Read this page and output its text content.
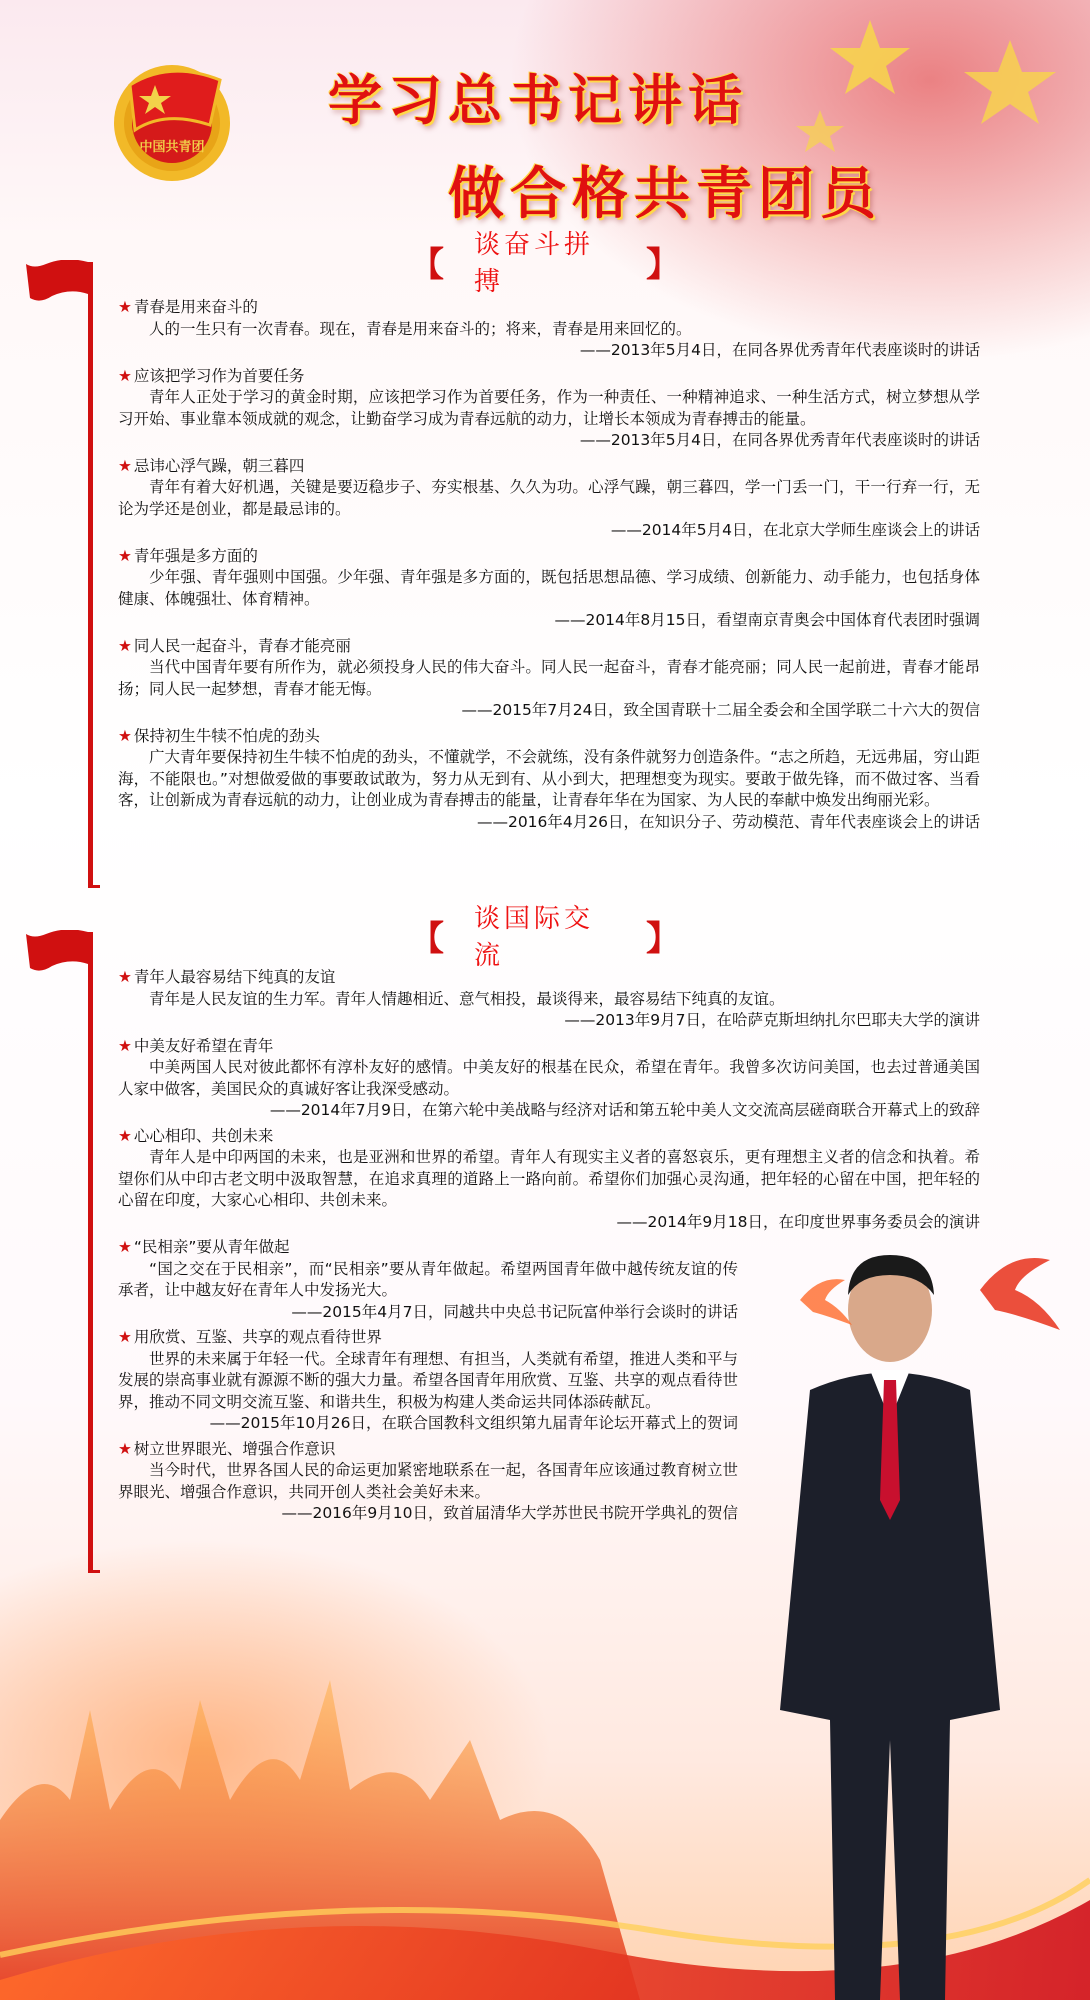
中国共青团
学习总书记讲话
做合格共青团员
【 谈奋斗拼搏	】
★ 青春是用来奋斗的
人的一生只有一次青春。现在，青春是用来奋斗的；将来，青春是用来回忆的。
——2013年5月4日，在同各界优秀青年代表座谈时的讲话
★ 应该把学习作为首要任务
青年人正处于学习的黄金时期，应该把学习作为首要任务，作为一种责任、一种精神追求、一种生活方式，树立梦想从学习开始、事业靠本领成就的观念，让勤奋学习成为青春远航的动力，让增长本领成为青春搏击的能量。
——2013年5月4日，在同各界优秀青年代表座谈时的讲话
★ 忌讳心浮气躁，朝三暮四
青年有着大好机遇，关键是要迈稳步子、夯实根基、久久为功。心浮气躁，朝三暮四，学一门丢一门，干一行弃一行，无论为学还是创业，都是最忌讳的。
——2014年5月4日，在北京大学师生座谈会上的讲话
★ 青年强是多方面的
少年强、青年强则中国强。少年强、青年强是多方面的，既包括思想品德、学习成绩、创新能力、动手能力，也包括身体健康、体魄强壮、体育精神。
——2014年8月15日，看望南京青奥会中国体育代表团时强调
★ 同人民一起奋斗，青春才能亮丽
当代中国青年要有所作为，就必须投身人民的伟大奋斗。同人民一起奋斗，青春才能亮丽；同人民一起前进，青春才能昂扬；同人民一起梦想，青春才能无悔。
——2015年7月24日，致全国青联十二届全委会和全国学联二十六大的贺信
★ 保持初生牛犊不怕虎的劲头
广大青年要保持初生牛犊不怕虎的劲头，不懂就学，不会就练，没有条件就努力创造条件。“志之所趋，无远弗届，穷山距海，不能限也。”对想做爱做的事要敢试敢为，努力从无到有、从小到大，把理想变为现实。要敢于做先锋，而不做过客、当看客，让创新成为青春远航的动力，让创业成为青春搏击的能量，让青春年华在为国家、为人民的奉献中焕发出绚丽光彩。
——2016年4月26日，在知识分子、劳动模范、青年代表座谈会上的讲话
【 谈国际交流	】
★ 青年人最容易结下纯真的友谊
青年是人民友谊的生力军。青年人情趣相近、意气相投，最谈得来，最容易结下纯真的友谊。
——2013年9月7日，在哈萨克斯坦纳扎尔巴耶夫大学的演讲
★ 中美友好希望在青年
中美两国人民对彼此都怀有淳朴友好的感情。中美友好的根基在民众，希望在青年。我曾多次访问美国，也去过普通美国人家中做客，美国民众的真诚好客让我深受感动。
——2014年7月9日，在第六轮中美战略与经济对话和第五轮中美人文交流高层磋商联合开幕式上的致辞
★ 心心相印、共创未来
青年人是中印两国的未来，也是亚洲和世界的希望。青年人有现实主义者的喜怒哀乐，更有理想主义者的信念和执着。希望你们从中印古老文明中汲取智慧，在追求真理的道路上一路向前。希望你们加强心灵沟通，把年轻的心留在中国，把年轻的心留在印度，大家心心相印、共创未来。
——2014年9月18日，在印度世界事务委员会的演讲
★ “民相亲”要从青年做起
“国之交在于民相亲”，而“民相亲”要从青年做起。希望两国青年做中越传统友谊的传承者，让中越友好在青年人中发扬光大。
——2015年4月7日，同越共中央总书记阮富仲举行会谈时的讲话
★ 用欣赏、互鉴、共享的观点看待世界
世界的未来属于年轻一代。全球青年有理想、有担当，人类就有希望，推进人类和平与发展的崇高事业就有源源不断的强大力量。希望各国青年用欣赏、互鉴、共享的观点看待世界，推动不同文明交流互鉴、和谐共生，积极为构建人类命运共同体添砖献瓦。
——2015年10月26日，在联合国教科文组织第九届青年论坛开幕式上的贺词
★ 树立世界眼光、增强合作意识
当今时代，世界各国人民的命运更加紧密地联系在一起，各国青年应该通过教育树立世界眼光、增强合作意识，共同开创人类社会美好未来。
——2016年9月10日，致首届清华大学苏世民书院开学典礼的贺信
